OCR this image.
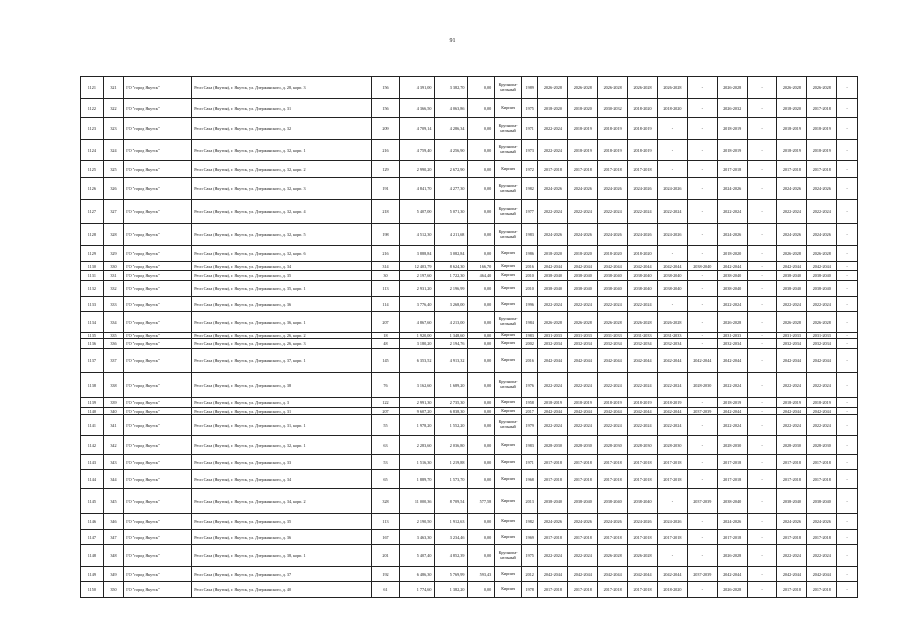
91
1121	321	ГО "город Якутск"	Респ Саха (Якутия), г. Якутск, ул. Дзержинского, д. 28, корп. 3	156	4 391,00	3 382,70	0,00	Крупнопа-нельный	1989	2026-2028	2026-2028	2026-2028	2026-2028	2026-2028	-	2026-2028	-	2026-2028	2026-2028	-
1122	322	ГО "город Якутск"	Респ Саха (Якутия), г. Якутск, ул. Дзержинского, д. 31	156	4 366,50	4 063,86	0,00	Кирпич	1975	2018-2020	2018-2020	2030-2032	2018-2020	2018-2020	-	2026-2032	-	2018-2020	2017-2018	-
1123	323	ГО "город Якутск"	Респ Саха (Якутия), г. Якутск, ул. Дзержинского, д. 32	209	4 709,14	4 286,34	0,00	Крупнопа-нельный	1971	2022-2024	2018-2019	2018-2019	2018-2019	-	-	2018-2019	-	2018-2019	2018-2019	-
1124	324	ГО "город Якутск"	Респ Саха (Якутия), г. Якутск, ул. Дзержинского, д. 32, корп. 1	216	4 759,40	4 256,90	0,00	Крупнопа-нельный	1973	2022-2024	2018-2019	2018-2019	2018-2019	-	-	2018-2019	-	2018-2019	2018-2019	-
1125	325	ГО "город Якутск"	Респ Саха (Якутия), г. Якутск, ул. Дзержинского, д. 32, корп. 2	129	2 990,20	2 672,90	0,00	Кирпич	1972	2017-2018	2017-2018	2017-2018	2017-2018	-	-	2017-2018	-	2017-2018	2017-2018	-
1126	326	ГО "город Якутск"	Респ Саха (Якутия), г. Якутск, ул. Дзержинского, д. 32, корп. 3	191	4 841,70	4 277,30	0,00	Крупнопа-нельный	1982	2024-2026	2024-2026	2024-2026	2024-2026	2024-2026	-	2024-2026	-	2024-2026	2024-2026	-
1127	327	ГО "город Якутск"	Респ Саха (Якутия), г. Якутск, ул. Дзержинского, д. 32, корп. 4	218	5 407,00	5 071,30	0,00	Крупнопа-нельный	1977	2022-2024	2022-2024	2022-2024	2022-2024	2022-2024	-	2022-2024	-	2022-2024	2022-2024	-
1128	328	ГО "город Якутск"	Респ Саха (Якутия), г. Якутск, ул. Дзержинского, д. 32, корп. 5	198	4 512,30	4 211,68	0,00	Крупнопа-нельный	1983	2024-2026	2024-2026	2024-2026	2024-2026	2024-2026	-	2024-2026	-	2024-2026	2024-2026	-
1129	329	ГО "город Якутск"	Респ Саха (Якутия), г. Якутск, ул. Дзержинского, д. 32, корп. 6	216	3 888,84	3 082,84	0,00	Кирпич	1986	2018-2020	2018-2020	2018-2020	2018-2020	-	-	2018-2020	-	2026-2028	2026-2028	-
1130	330	ГО "город Якутск"	Респ Саха (Якутия), г. Якутск, ул. Дзержинского, д. 34	314	12 403,79	8 624,30	166,70	Кирпич	2016	2042-2044	2042-2044	2042-2044	2042-2044	2042-2044	2038-2040	2042-2044	-	2042-2044	2042-2044	-
1131	331	ГО "город Якутск"	Респ Саха (Якутия), г. Якутск, ул. Дзержинского, д. 35	30	2 197,60	1 722,30	464,40	Кирпич	2010	2038-2040	2038-2040	2038-2040	2038-2040	2038-2040	-	2038-2040	-	2038-2040	2038-2040	-
1132	332	ГО "город Якутск"	Респ Саха (Якутия), г. Якутск, ул. Дзержинского, д. 35, корп. 1	113	2 931,20	2 196,99	0,00	Кирпич	2010	2038-2040	2038-2040	2038-2040	2038-2040	2038-2040	-	2038-2040	-	2038-2040	2038-2040	-
1133	333	ГО "город Якутск"	Респ Саха (Якутия), г. Якутск, ул. Дзержинского, д. 36	114	3 776,40	3 268,00	0,00	Кирпич	1996	2022-2024	2022-2024	2022-2024	2022-2024	-	-	2022-2024	-	2022-2024	2022-2024	-
1134	334	ГО "город Якутск"	Респ Саха (Якутия), г. Якутск, ул. Дзержинского, д. 36, корп. 1	207	4 867,60	4 213,00	0,00	Крупнопа-нельный	1984	2026-2028	2026-2028	2026-2028	2026-2028	2026-2028	-	2026-2028	-	2026-2028	2026-2028	-
1135	335	ГО "город Якутск"	Респ Саха (Якутия), г. Якутск, ул. Дзержинского, д. 26, корп. 2	18	1 920,00	1 348,60	0,00	Кирпич	1983	2031-2033	2031-2033	2031-2033	2031-2033	2031-2033	-	2031-2033	-	2031-2033	2031-2033	-
1136	336	ГО "город Якутск"	Респ Саха (Якутия), г. Якутск, ул. Дзержинского, д. 26, корп. 3	48	3 180,20	2 194,76	0,00	Кирпич	2002	2032-2034	2032-2034	2032-2034	2032-2034	2032-2034	-	2032-2034	-	2032-2034	2032-2034	-
1137	337	ГО "город Якутск"	Респ Саха (Якутия), г. Якутск, ул. Дзержинского, д. 37, корп. 1	145	6 353,52	4 913,32	0,00	Кирпич	2016	2042-2044	2042-2044	2042-2044	2042-2044	2042-2044	2042-2044	2042-2044	-	2042-2044	2042-2044	-
1138	338	ГО "город Якутск"	Респ Саха (Якутия), г. Якутск, ул. Дзержинского, д. 38	76	3 162,60	1 689,20	0,00	Крупнопа-нельный	1976	2022-2024	2022-2024	2022-2024	2022-2024	2022-2024	2028-2030	2022-2024	-	2022-2024	2022-2024	-
1139	339	ГО "город Якутск"	Респ Саха (Якутия), г. Якутск, ул. Дзержинского, д. 3	122	2 991,30	2 735,30	0,00	Кирпич	1958	2018-2019	2018-2019	2018-2019	2018-2019	2018-2019	-	2018-2019	-	2018-2019	2018-2019	-
1140	340	ГО "город Якутск"	Респ Саха (Якутия), г. Якутск, ул. Дзержинского, д. 31	207	9 607,20	6 838,30	0,00	Кирпич	2017	2042-2044	2042-2044	2042-2044	2042-2044	2042-2044	2037-2039	2042-2044	-	2042-2044	2042-2044	-
1141	341	ГО "город Якутск"	Респ Саха (Якутия), г. Якутск, ул. Дзержинского, д. 31, корп. 1	55	1 978,20	1 552,20	0,00	Крупнопа-нельный	1979	2022-2024	2022-2024	2022-2024	2022-2024	2022-2024	-	2022-2024	-	2022-2024	2022-2024	-
1142	342	ГО "город Якутск"	Респ Саха (Якутия), г. Якутск, ул. Дзержинского, д. 32, корп. 1	63	2 283,60	2 036,80	0,00	Кирпич	1983	2028-2030	2028-2030	2028-2030	2028-2030	2028-2030	-	2028-2030	-	2028-2030	2028-2030	-
1143	343	ГО "город Якутск"	Респ Саха (Якутия), г. Якутск, ул. Дзержинского, д. 33	53	1 516,30	1 219,88	0,00	Кирпич	1971	2017-2018	2017-2018	2017-2018	2017-2018	2017-2018	-	2017-2018	-	2017-2018	2017-2018	-
1144	344	ГО "город Якутск"	Респ Саха (Якутия), г. Якутск, ул. Дзержинского, д. 34	65	1 889,70	1 573,70	0,00	Кирпич	1968	2017-2018	2017-2018	2017-2018	2017-2018	2017-2018	-	2017-2018	-	2017-2018	2017-2018	-
1145	345	ГО "город Якутск"	Респ Саха (Якутия), г. Якутск, ул. Дзержинского, д. 34, корп. 2	328	11 000,36	8 709,54	577,58	Кирпич	2013	2038-2040	2038-2040	2038-2040	2038-2040	-	2037-2039	2038-2040	-	2038-2040	2038-2040	-
1146	346	ГО "город Якутск"	Респ Саха (Якутия), г. Якутск, ул. Дзержинского, д. 35	113	2 190,50	1 912,63	0,00	Кирпич	1982	2024-2026	2024-2026	2024-2026	2024-2026	2024-2026	-	2024-2026	-	2024-2026	2024-2026	-
1147	347	ГО "город Якутск"	Респ Саха (Якутия), г. Якутск, ул. Дзержинского, д. 36	167	3 463,30	3 234,46	0,00	Кирпич	1969	2017-2018	2017-2018	2017-2018	2017-2018	2017-2018	-	2017-2018	-	2017-2018	2017-2018	-
1148	348	ГО "город Якутск"	Респ Саха (Якутия), г. Якутск, ул. Дзержинского, д. 38, корп. 1	201	5 407,40	4 852,39	0,00	Крупнопа-нельный	1975	2022-2024	2022-2024	2026-2028	2026-2028	-	-	2026-2028	-	2022-2024	2022-2024	-
1149	349	ГО "город Якутск"	Респ Саха (Якутия), г. Якутск, ул. Дзержинского, д. 37	192	6 486,30	5 769,99	593,43	Кирпич	2012	2042-2044	2042-2044	2042-2044	2042-2044	2042-2044	2037-2039	2042-2044	-	2042-2044	2042-2044	-
1150	350	ГО "город Якутск"	Респ Саха (Якутия), г. Якутск, ул. Дзержинского, д. 40	61	1 774,60	1 382,20	0,00	Кирпич	1978	2017-2018	2017-2018	2017-2018	2017-2018	2018-2020	-	2026-2028	-	2017-2018	2017-2018	-
